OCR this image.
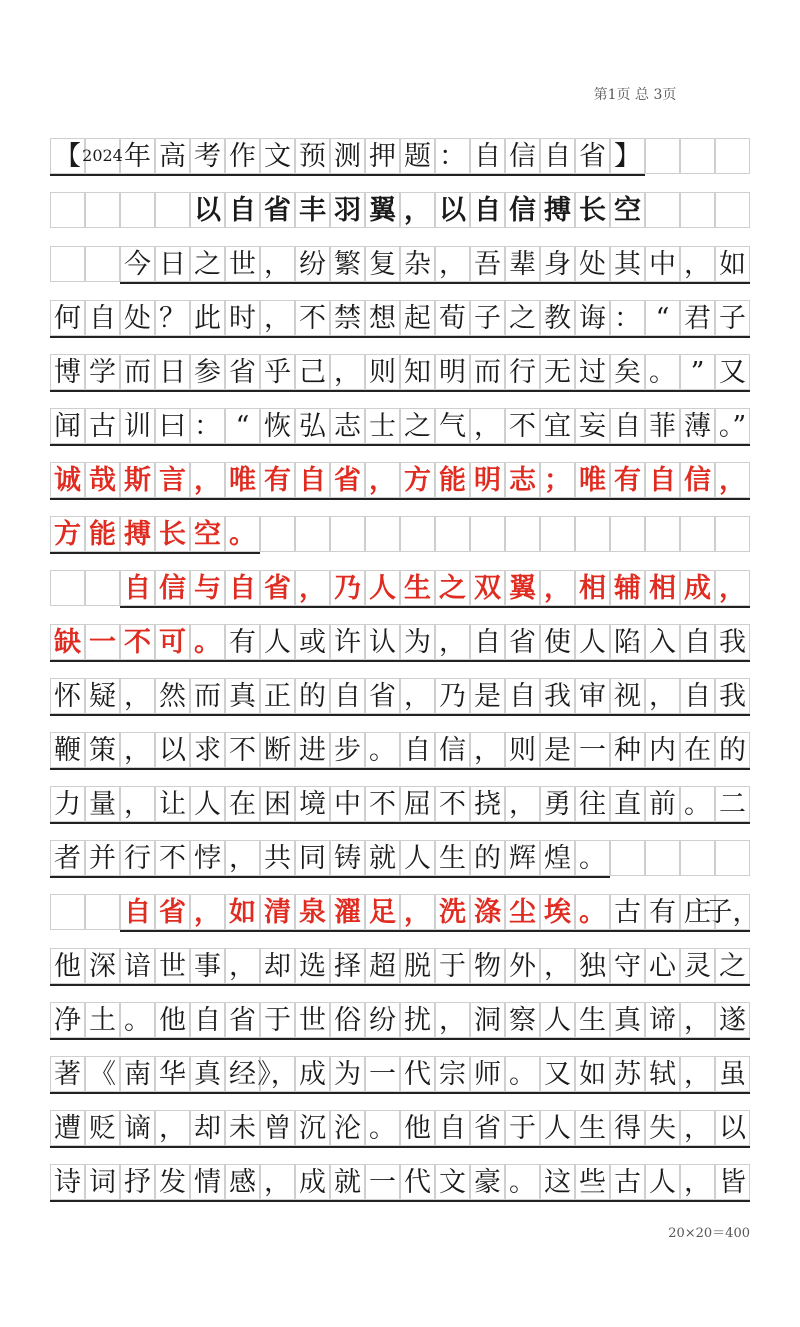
第1页 总 3页
【 2024 年 高 考 作 文 预 测 押 题 ： 自 信 自 省 】
以 自 省 丰 羽 翼 ， 以 自 信 搏 长 空
今 日 之 世 ， 纷 繁 复 杂 ， 吾 辈 身 处 其 中 ， 如
何 自 处 ？ 此 时 ， 不 禁 想 起 荀 子 之 教 诲 ： “ 君 子
博 学 而 日 参 省 乎 己 ， 则 知 明 而 行 无 过 矣 。 ” 又
闻 古 训 曰 ： “ 恢 弘 志 士 之 气 ， 不 宜 妄 自 菲 薄 。”
诚 哉 斯 言 ， 唯 有 自 省 ， 方 能 明 志 ； 唯 有 自 信 ，
方 能 搏 长 空 。
自 信 与 自 省 ， 乃 人 生 之 双 翼 ， 相 辅 相 成 ，
缺 一 不 可 。 有 人 或 许 认 为 ， 自 省 使 人 陷 入 自 我
怀 疑 ， 然 而 真 正 的 自 省 ， 乃 是 自 我 审 视 ， 自 我
鞭 策 ， 以 求 不 断 进 步 。 自 信 ， 则 是 一 种 内 在 的
力 量 ， 让 人 在 困 境 中 不 屈 不 挠 ， 勇 往 直 前 。 二
者 并 行 不 悖 ， 共 同 铸 就 人 生 的 辉 煌 。
自 省 ， 如 清 泉 濯 足 ， 洗 涤 尘 埃 。 古 有 庄
子，
他 深 谙 世 事 ， 却 选 择 超 脱 于 物 外 ， 独 守 心 灵 之
净 土 。 他 自 省 于 世 俗 纷 扰 ， 洞 察 人 生 真 谛 ， 遂
著 《 南 华 真 经 》， 成 为 一 代 宗 师 。 又 如 苏 轼 ， 虽
遭 贬 谪 ， 却 未 曾 沉 沦 。 他 自 省 于 人 生 得 失 ， 以
诗 词 抒 发 情 感 ， 成 就 一 代 文 豪 。 这 些 古 人 ， 皆
20×20＝400
